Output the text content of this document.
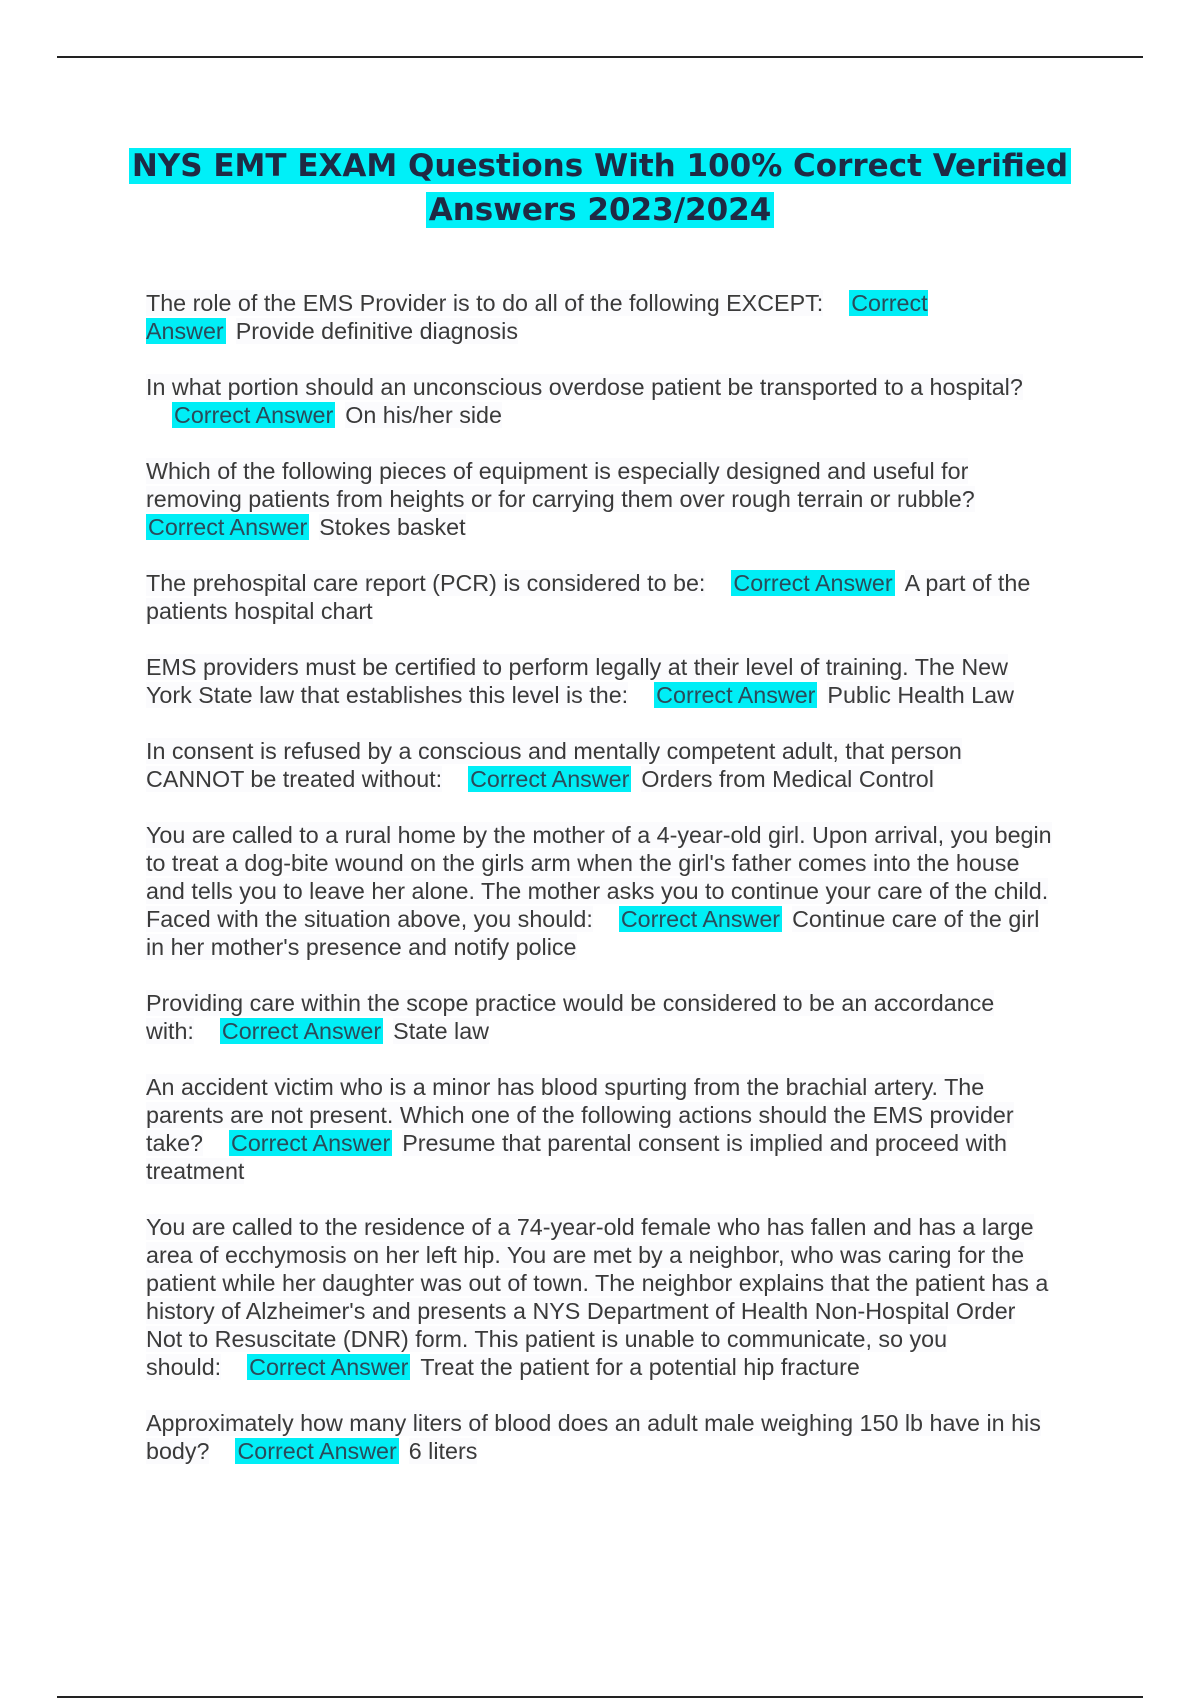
NYS EMT EXAM Questions With 100% Correct Verified Answers 2023/2024
The role of the EMS Provider is to do all of the following EXCEPT: Correct Answer Provide definitive diagnosis
In what portion should an unconscious overdose patient be transported to a hospital?Correct Answer On his/her side
Which of the following pieces of equipment is especially designed and useful for removing patients from heights or for carrying them over rough terrain or rubble? Correct Answer Stokes basket
The prehospital care report (PCR) is considered to be: Correct Answer A part of the patients hospital chart
EMS providers must be certified to perform legally at their level of training. The New York State law that establishes this level is the: Correct Answer Public Health Law
In consent is refused by a conscious and mentally competent adult, that person CANNOT be treated without: Correct Answer Orders from Medical Control
You are called to a rural home by the mother of a 4-year-old girl. Upon arrival, you begin to treat a dog-bite wound on the girls arm when the girl's father comes into the house and tells you to leave her alone. The mother asks you to continue your care of the child. Faced with the situation above, you should: Correct Answer Continue care of the girl in her mother's presence and notify police
Providing care within the scope practice would be considered to be an accordance with: Correct Answer State law
An accident victim who is a minor has blood spurting from the brachial artery. The parents are not present. Which one of the following actions should the EMS provider take? Correct Answer Presume that parental consent is implied and proceed with treatment
You are called to the residence of a 74-year-old female who has fallen and has a large area of ecchymosis on her left hip. You are met by a neighbor, who was caring for the patient while her daughter was out of town. The neighbor explains that the patient has a history of Alzheimer's and presents a NYS Department of Health Non-Hospital Order Not to Resuscitate (DNR) form. This patient is unable to communicate, so you should: Correct Answer Treat the patient for a potential hip fracture
Approximately how many liters of blood does an adult male weighing 150 lb have in his body? Correct Answer 6 liters
